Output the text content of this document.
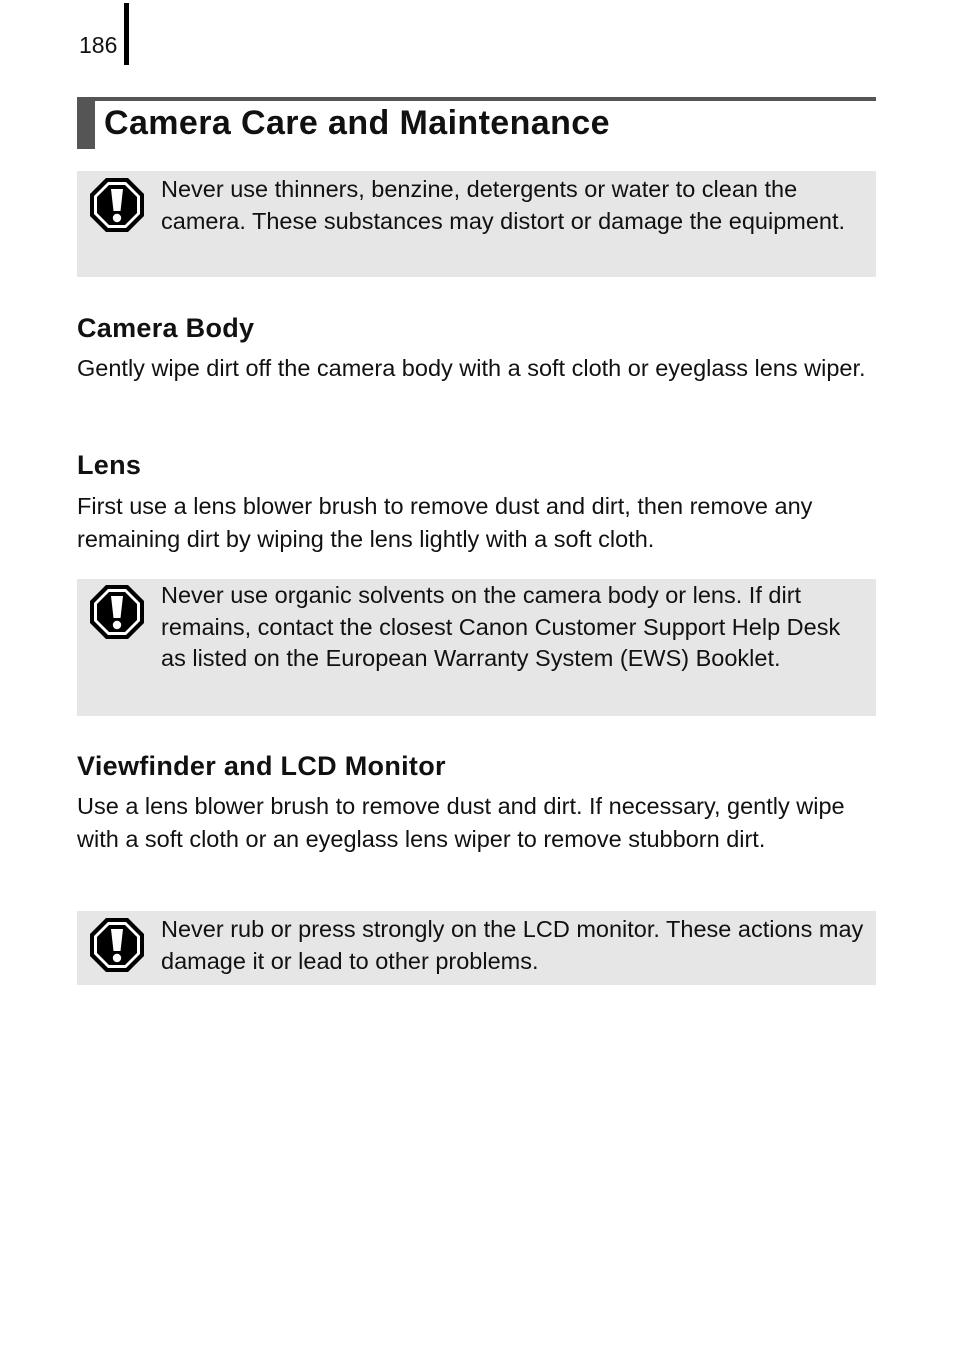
186
Camera Care and Maintenance

Never use thinners, benzine, detergents or water to clean the camera. These substances may distort or damage the equipment.

Camera Body

Gently wipe dirt off the camera body with a soft cloth or eyeglass lens wiper.

Lens

First use a lens blower brush to remove dust and dirt, then remove any remaining dirt by wiping the lens lightly with a soft cloth.

Never use organic solvents on the camera body or lens. If dirt remains, contact the closest Canon Customer Support Help Desk as listed on the European Warranty System (EWS) Booklet.

Viewfinder and LCD Monitor

Use a lens blower brush to remove dust and dirt. If necessary, gently wipe with a soft cloth or an eyeglass lens wiper to remove stubborn dirt.

Never rub or press strongly on the LCD monitor. These actions may damage it or lead to other problems.
